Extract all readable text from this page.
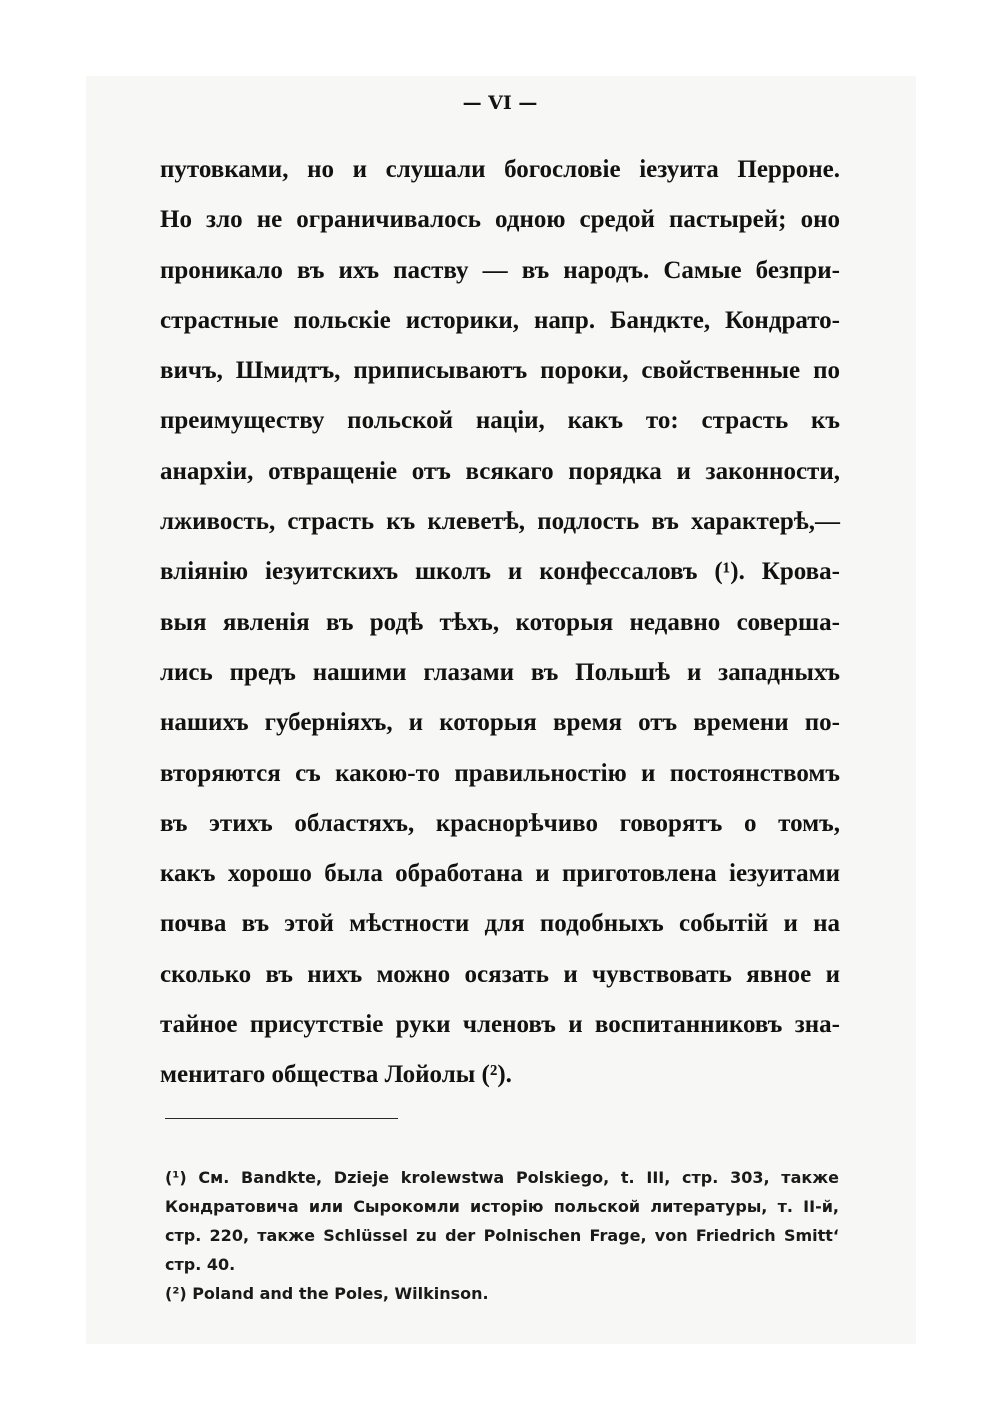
— VI —
путовками, но и слушали богословіе іезуита Перроне.
Но зло не ограничивалось одною средой пастырей; оно
проникало въ ихъ паству — въ народъ. Самые безпри-
страстные польскіе историки, напр. Бандкте, Кондрато-
вичъ, Шмидтъ, приписываютъ пороки, свойственные по
преимуществу польской націи, какъ то: страсть къ
анархіи, отвращеніе отъ всякаго порядка и законности,
лживость, страсть къ клеветѣ, подлость въ характерѣ,—
вліянію іезуитскихъ школъ и конфессаловъ (¹). Крова-
выя явленія въ родѣ тѣхъ, которыя недавно совершa-
лись предъ нашими глазами въ Польшѣ и западныхъ
нашихъ губерніяхъ, и которыя время отъ времени по-
вторяются съ какою-то правильностію и постоянствомъ
въ этихъ областяхъ, краснорѣчиво говорятъ о томъ,
какъ хорошо была обработана и приготовлена іезуитами
почва въ этой мѣстности для подобныхъ событій и на
сколько въ нихъ можно осязать и чувствовать явное и
тайное присутствіе руки членовъ и воспитанниковъ зна-
менитаго общества Лойолы (²).
(¹) См. Bandkte, Dzieje krolewstwa Polskiego, t. III, стр. 303, также
Кондратовича или Сырокомли исторію польской литературы, т. II-й,
стр. 220, также Schlüssel zu der Polnischen Frage, von Friedrich Smitt‘
стр. 40.
(²) Poland and the Poles, Wilkinson.
